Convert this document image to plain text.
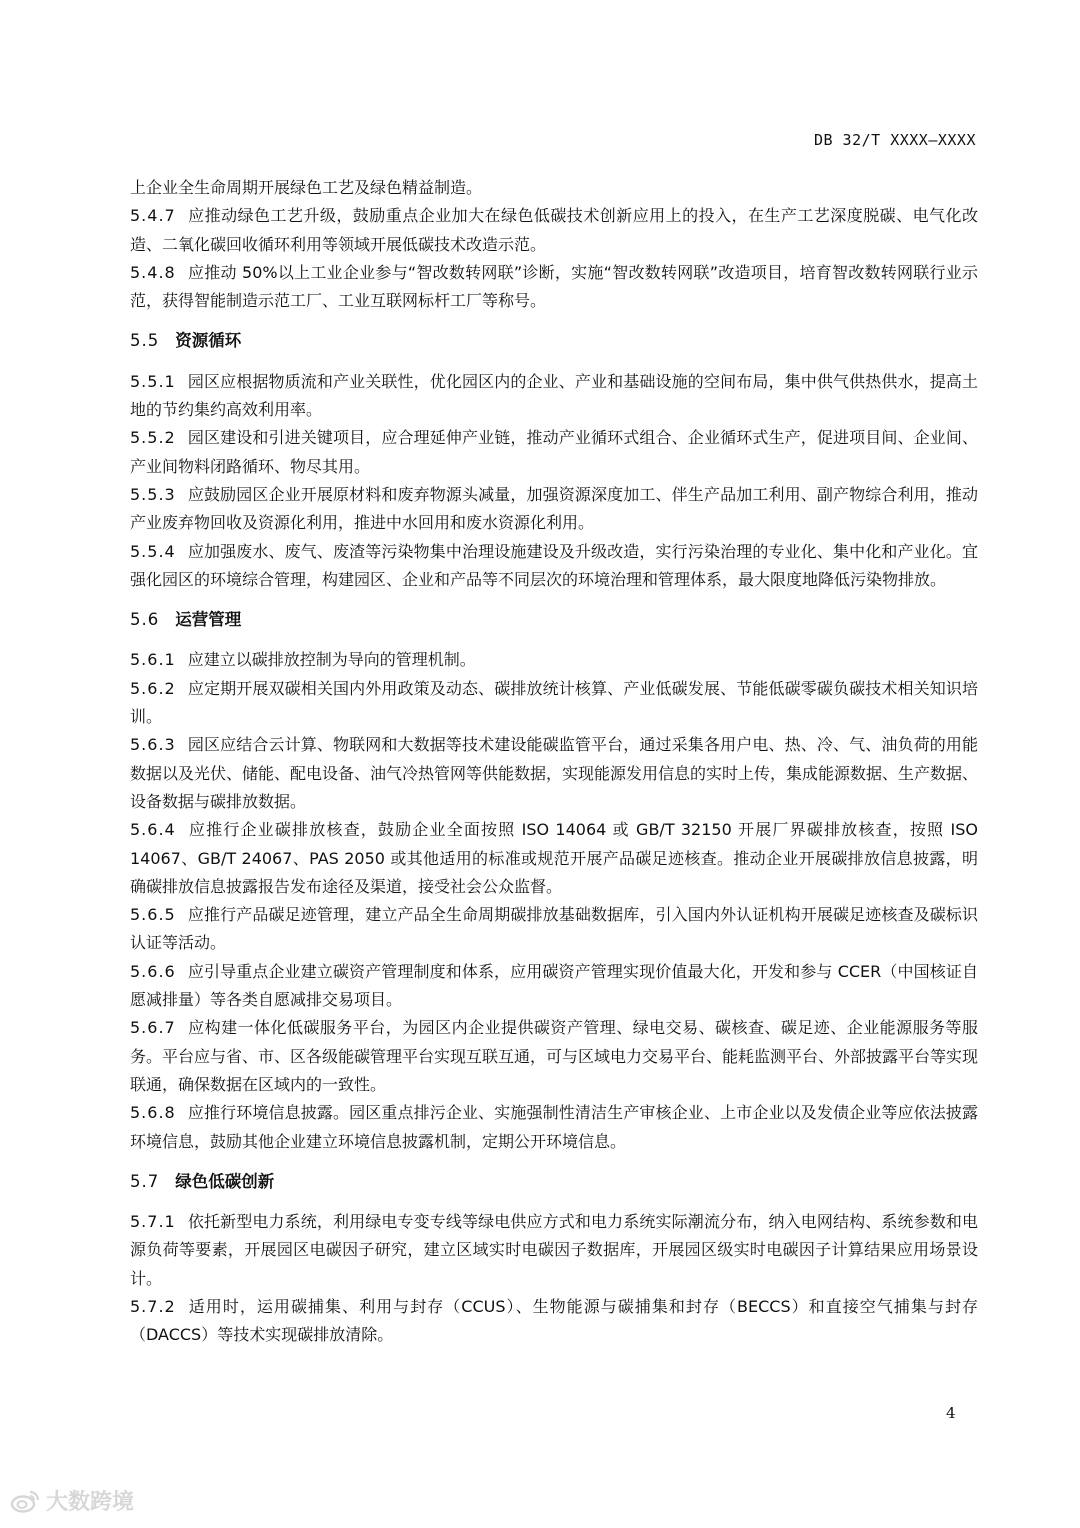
DB 32/T XXXX—XXXX

上企业全生命周期开展绿色工艺及绿色精益制造。

5.4.7 应推动绿色工艺升级，鼓励重点企业加大在绿色低碳技术创新应用上的投入，在生产工艺深度脱碳、电气化改造、二氧化碳回收循环利用等领域开展低碳技术改造示范。

5.4.8 应推动 50%以上工业企业参与“智改数转网联”诊断，实施“智改数转网联”改造项目，培育智改数转网联行业示范，获得智能制造示范工厂、工业互联网标杆工厂等称号。

5.5 资源循环

5.5.1 园区应根据物质流和产业关联性，优化园区内的企业、产业和基础设施的空间布局，集中供气供热供水，提高土地的节约集约高效利用率。

5.5.2 园区建设和引进关键项目，应合理延伸产业链，推动产业循环式组合、企业循环式生产，促进项目间、企业间、产业间物料闭路循环、物尽其用。

5.5.3 应鼓励园区企业开展原材料和废弃物源头减量，加强资源深度加工、伴生产品加工利用、副产物综合利用，推动产业废弃物回收及资源化利用，推进中水回用和废水资源化利用。

5.5.4 应加强废水、废气、废渣等污染物集中治理设施建设及升级改造，实行污染治理的专业化、集中化和产业化。宜强化园区的环境综合管理，构建园区、企业和产品等不同层次的环境治理和管理体系，最大限度地降低污染物排放。

5.6 运营管理

5.6.1 应建立以碳排放控制为导向的管理机制。

5.6.2 应定期开展双碳相关国内外用政策及动态、碳排放统计核算、产业低碳发展、节能低碳零碳负碳技术相关知识培训。

5.6.3 园区应结合云计算、物联网和大数据等技术建设能碳监管平台，通过采集各用户电、热、冷、气、油负荷的用能数据以及光伏、储能、配电设备、油气冷热管网等供能数据，实现能源发用信息的实时上传，集成能源数据、生产数据、设备数据与碳排放数据。

5.6.4 应推行企业碳排放核查，鼓励企业全面按照 ISO 14064 或 GB/T 32150 开展厂界碳排放核查，按照 ISO 14067、GB/T 24067、PAS 2050 或其他适用的标准或规范开展产品碳足迹核查。推动企业开展碳排放信息披露，明确碳排放信息披露报告发布途径及渠道，接受社会公众监督。

5.6.5 应推行产品碳足迹管理，建立产品全生命周期碳排放基础数据库，引入国内外认证机构开展碳足迹核查及碳标识认证等活动。

5.6.6 应引导重点企业建立碳资产管理制度和体系，应用碳资产管理实现价值最大化，开发和参与 CCER（中国核证自愿减排量）等各类自愿减排交易项目。

5.6.7 应构建一体化低碳服务平台，为园区内企业提供碳资产管理、绿电交易、碳核查、碳足迹、企业能源服务等服务。平台应与省、市、区各级能碳管理平台实现互联互通，可与区域电力交易平台、能耗监测平台、外部披露平台等实现联通，确保数据在区域内的一致性。

5.6.8 应推行环境信息披露。园区重点排污企业、实施强制性清洁生产审核企业、上市企业以及发债企业等应依法披露环境信息，鼓励其他企业建立环境信息披露机制，定期公开环境信息。

5.7 绿色低碳创新

5.7.1 依托新型电力系统，利用绿电专变专线等绿电供应方式和电力系统实际潮流分布，纳入电网结构、系统参数和电源负荷等要素，开展园区电碳因子研究，建立区域实时电碳因子数据库，开展园区级实时电碳因子计算结果应用场景设计。

5.7.2 适用时，运用碳捕集、利用与封存（CCUS）、生物能源与碳捕集和封存（BECCS）和直接空气捕集与封存（DACCS）等技术实现碳排放清除。

4
大数跨境
